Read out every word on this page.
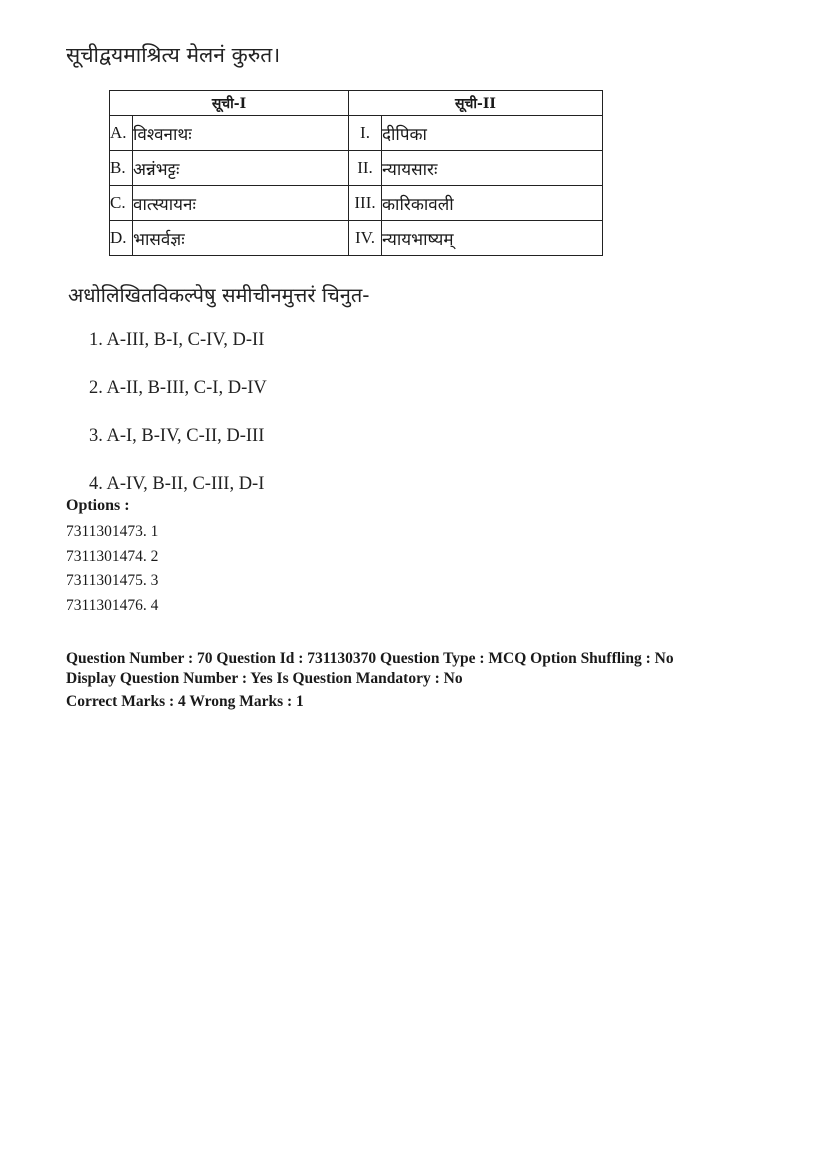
सूचीद्वयमाश्रित्य मेलनं कुरुत।
सूची-I		सूची-II	
A.	विश्वनाथः	I.	दीपिका
B.	अन्नंभट्टः	II.	न्यायसारः
C.	वात्स्यायनः	III.	कारिकावली
D.	भासर्वज्ञः	IV.	न्यायभाष्यम्
अधोलिखितविकल्पेषु समीचीनमुत्तरं चिनुत-
1. A-III, B-I, C-IV, D-II
2. A-II, B-III, C-I, D-IV
3. A-I, B-IV, C-II, D-III
4. A-IV, B-II, C-III, D-I
Options :
7311301473. 1
7311301474. 2
7311301475. 3
7311301476. 4
Question Number : 70 Question Id : 731130370 Question Type : MCQ Option Shuffling : No
Display Question Number : Yes Is Question Mandatory : No
Correct Marks : 4 Wrong Marks : 1
